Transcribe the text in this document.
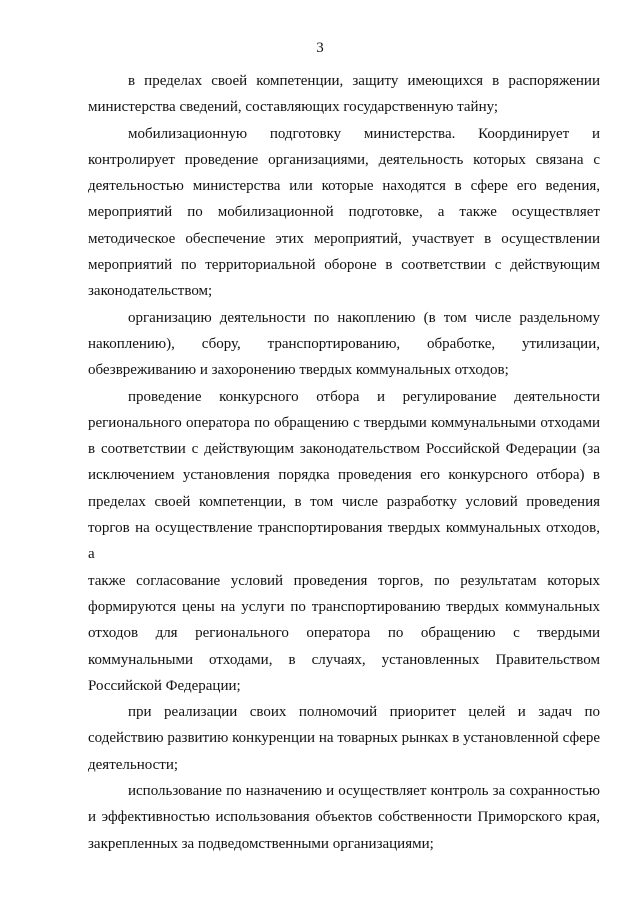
3
в пределах своей компетенции, защиту имеющихся в распоряжении
министерства сведений, составляющих государственную тайну;
мобилизационную подготовку министерства. Координирует и
контролирует проведение организациями, деятельность которых связана с
деятельностью министерства или которые находятся в сфере его ведения,
мероприятий по мобилизационной подготовке, а также осуществляет
методическое обеспечение этих мероприятий, участвует в осуществлении
мероприятий по территориальной обороне в соответствии с действующим
законодательством;
организацию деятельности по накоплению (в том числе раздельному
накоплению), сбору, транспортированию, обработке, утилизации,
обезвреживанию и захоронению твердых коммунальных отходов;
проведение конкурсного отбора и регулирование деятельности
регионального оператора по обращению с твердыми коммунальными отходами
в соответствии с действующим законодательством Российской Федерации (за
исключением установления порядка проведения его конкурсного отбора) в
пределах своей компетенции, в том числе разработку условий проведения
торгов на осуществление транспортирования твердых коммунальных отходов, а
также согласование условий проведения торгов, по результатам которых
формируются цены на услуги по транспортированию твердых коммунальных
отходов для регионального оператора по обращению с твердыми
коммунальными отходами, в случаях, установленных Правительством
Российской Федерации;
при реализации своих полномочий приоритет целей и задач по
содействию развитию конкуренции на товарных рынках в установленной сфере
деятельности;
использование по назначению и осуществляет контроль за сохранностью
и эффективностью использования объектов собственности Приморского края,
закрепленных за подведомственными организациями;
